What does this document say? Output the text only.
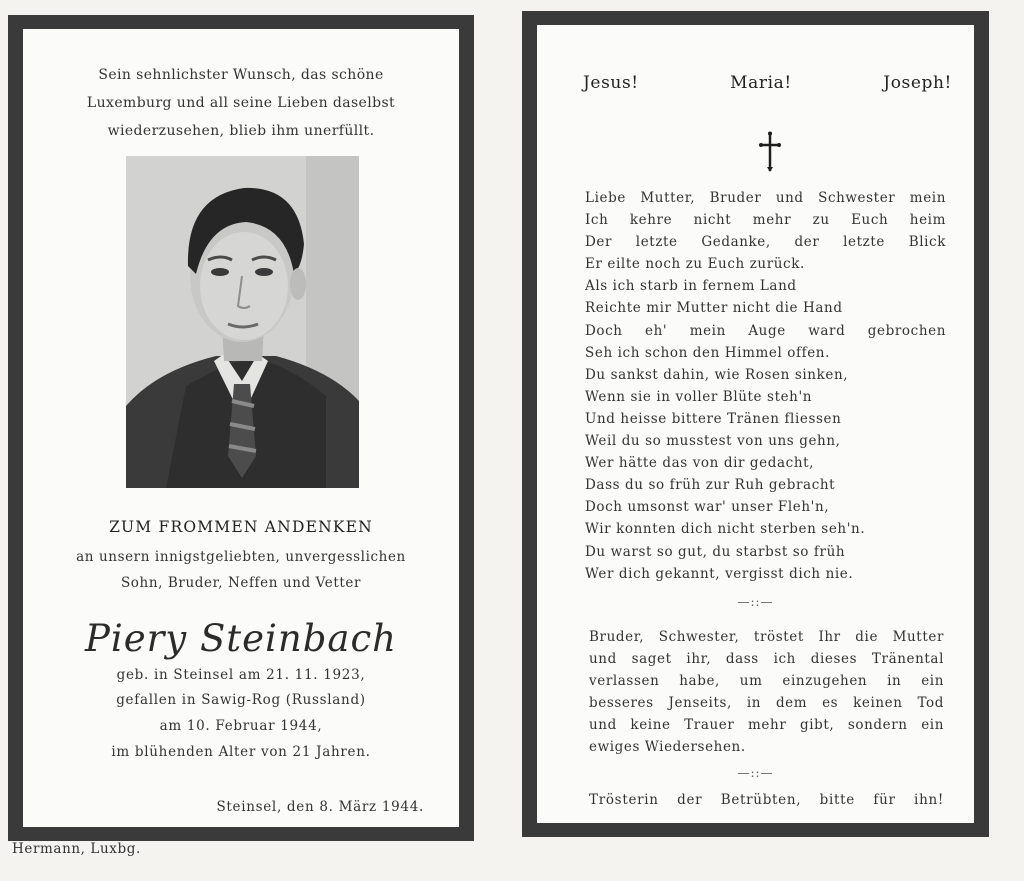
Sein sehnlichster Wunsch, das schöne
Luxemburg und all seine Lieben daselbst
wiederzusehen, blieb ihm unerfüllt.
ZUM FROMMEN ANDENKEN
an unsern innigstgeliebten, unvergesslichen
Sohn, Bruder, Neffen und Vetter
Piery Steinbach
geb. in Steinsel am 21. 11. 1923,
gefallen in Sawig-Rog (Russland)
am 10. Februar 1944,
im blühenden Alter von 21 Jahren.
Steinsel, den 8. März 1944.
Hermann, Luxbg.
Jesus!	Maria!	Joseph!
Liebe Mutter, Bruder und Schwester mein
Ich kehre nicht mehr zu Euch heim
Der letzte Gedanke, der letzte Blick
Er eilte noch zu Euch zurück.
Als ich starb in fernem Land
Reichte mir Mutter nicht die Hand
Doch eh' mein Auge ward gebrochen
Seh ich schon den Himmel offen.
Du sankst dahin, wie Rosen sinken,
Wenn sie in voller Blüte steh'n
Und heisse bittere Tränen fliessen
Weil du so musstest von uns gehn,
Wer hätte das von dir gedacht,
Dass du so früh zur Ruh gebracht
Doch umsonst war' unser Fleh'n,
Wir konnten dich nicht sterben seh'n.
Du warst so gut, du starbst so früh
Wer dich gekannt, vergisst dich nie.
—::—
Bruder, Schwester, tröstet Ihr die Mutter
und saget ihr, dass ich dieses Tränental
verlassen habe, um einzugehen in ein
besseres Jenseits, in dem es keinen Tod
und keine Trauer mehr gibt, sondern ein
ewiges Wiedersehen.
—::—
Trösterin der Betrübten, bitte für ihn!
